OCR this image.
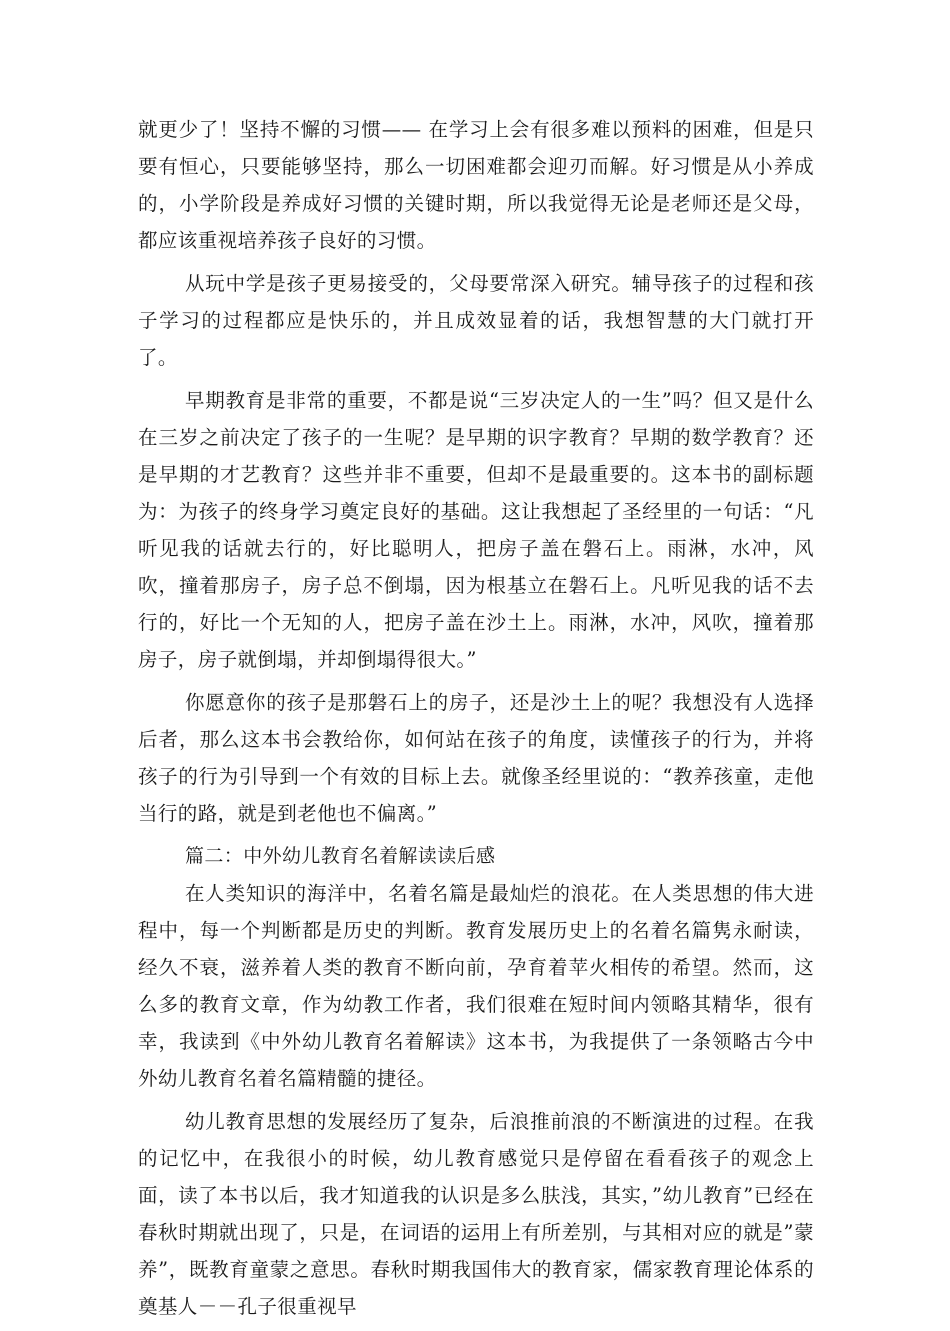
就更少了！坚持不懈的习惯—— 在学习上会有很多难以预料的困难，但是只要有恒心，只要能够坚持，那么一切困难都会迎刃而解。好习惯是从小养成的，小学阶段是养成好习惯的关键时期，所以我觉得无论是老师还是父母，都应该重视培养孩子良好的习惯。

从玩中学是孩子更易接受的，父母要常深入研究。辅导孩子的过程和孩子学习的过程都应是快乐的，并且成效显着的话，我想智慧的大门就打开了。

早期教育是非常的重要，不都是说“三岁决定人的一生”吗？但又是什么在三岁之前决定了孩子的一生呢？是早期的识字教育？早期的数学教育？还是早期的才艺教育？这些并非不重要，但却不是最重要的。这本书的副标题为：为孩子的终身学习奠定良好的基础。这让我想起了圣经里的一句话：“凡听见我的话就去行的，好比聪明人，把房子盖在磐石上。雨淋，水冲，风吹，撞着那房子，房子总不倒塌，因为根基立在磐石上。凡听见我的话不去行的，好比一个无知的人，把房子盖在沙土上。雨淋，水冲，风吹，撞着那房子，房子就倒塌，并却倒塌得很大。”

你愿意你的孩子是那磐石上的房子，还是沙土上的呢？我想没有人选择后者，那么这本书会教给你，如何站在孩子的角度，读懂孩子的行为，并将孩子的行为引导到一个有效的目标上去。就像圣经里说的：“教养孩童，走他当行的路，就是到老他也不偏离。”

篇二：中外幼儿教育名着解读读后感

在人类知识的海洋中，名着名篇是最灿烂的浪花。在人类思想的伟大进程中，每一个判断都是历史的判断。教育发展历史上的名着名篇隽永耐读，经久不衰，滋养着人类的教育不断向前，孕育着苹火相传的希望。然而，这么多的教育文章，作为幼教工作者，我们很难在短时间内领略其精华，很有幸，我读到《中外幼儿教育名着解读》这本书，为我提供了一条领略古今中外幼儿教育名着名篇精髓的捷径。

幼儿教育思想的发展经历了复杂，后浪推前浪的不断演进的过程。在我的记忆中，在我很小的时候，幼儿教育感觉只是停留在看看孩子的观念上面，读了本书以后，我才知道我的认识是多么肤浅，其实，”幼儿教育”已经在春秋时期就出现了，只是，在词语的运用上有所差别，与其相对应的就是”蒙养”，既教育童蒙之意思。春秋时期我国伟大的教育家，儒家教育理论体系的奠基人－－孔子很重视早
